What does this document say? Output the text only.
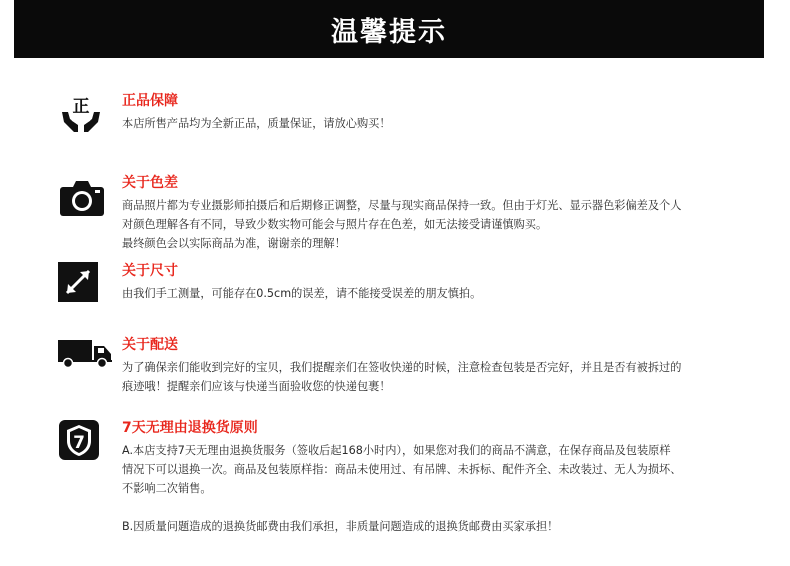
温馨提示
正 正品保障
本店所售产品均为全新正品，质量保证，请放心购买！
关于色差
商品照片都为专业摄影师拍摄后和后期修正调整，尽量与现实商品保持一致。但由于灯光、显示器色彩偏差及个人
对颜色理解各有不同，导致少数实物可能会与照片存在色差，如无法接受请谨慎购买。
最终颜色会以实际商品为准，谢谢亲的理解！
关于尺寸
由我们手工测量，可能存在0.5cm的误差，请不能接受误差的朋友慎拍。
关于配送
为了确保亲们能收到完好的宝贝，我们提醒亲们在签收快递的时候，注意检查包装是否完好，并且是否有被拆过的
痕迹哦！提醒亲们应该与快递当面验收您的快递包裹！
7
7天无理由退换货原则
A.本店支持7天无理由退换货服务（签收后起168小时内），如果您对我们的商品不满意，在保存商品及包装原样
情况下可以退换一次。商品及包装原样指：商品未使用过、有吊牌、未拆标、配件齐全、未改装过、无人为损坏、
不影响二次销售。
B.因质量问题造成的退换货邮费由我们承担，非质量问题造成的退换货邮费由买家承担！
